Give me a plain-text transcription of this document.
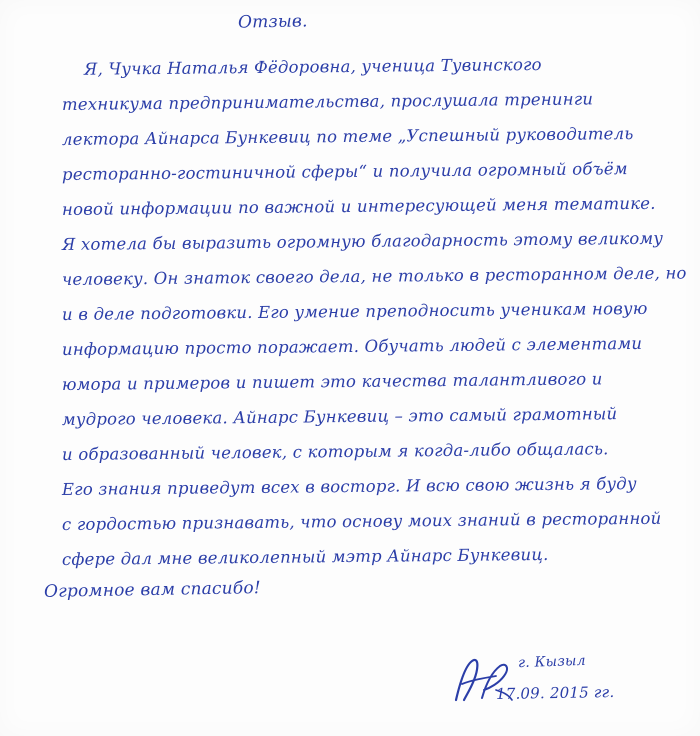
Отзыв.
Я, Чучка Наталья Фёдоровна, ученица Тувинского
техникума предпринимательства, прослушала тренинги
лектора Айнарса Бункевиц по теме „Успешный руководитель
ресторанно-гостиничной сферы“ и получила огромный объём
новой информации по важной и интересующей меня тематике.
Я хотела бы выразить огромную благодарность этому великому
человеку. Он знаток своего дела, не только в ресторанном деле, но
и в деле подготовки. Его умение преподносить ученикам новую
информацию просто поражает. Обучать людей с элементами
юмора и примеров и пишет это качества талантливого и
мудрого человека. Айнарс Бункевиц – это самый грамотный
и образованный человек, с которым я когда-либо общалась.
Его знания приведут всех в восторг. И всю свою жизнь я буду
с гордостью признавать, что основу моих знаний в ресторанной
сфере дал мне великолепный мэтр Айнарс Бункевиц.
Огромное вам спасибо!
г. Кызыл
17.09. 2015 гг.
